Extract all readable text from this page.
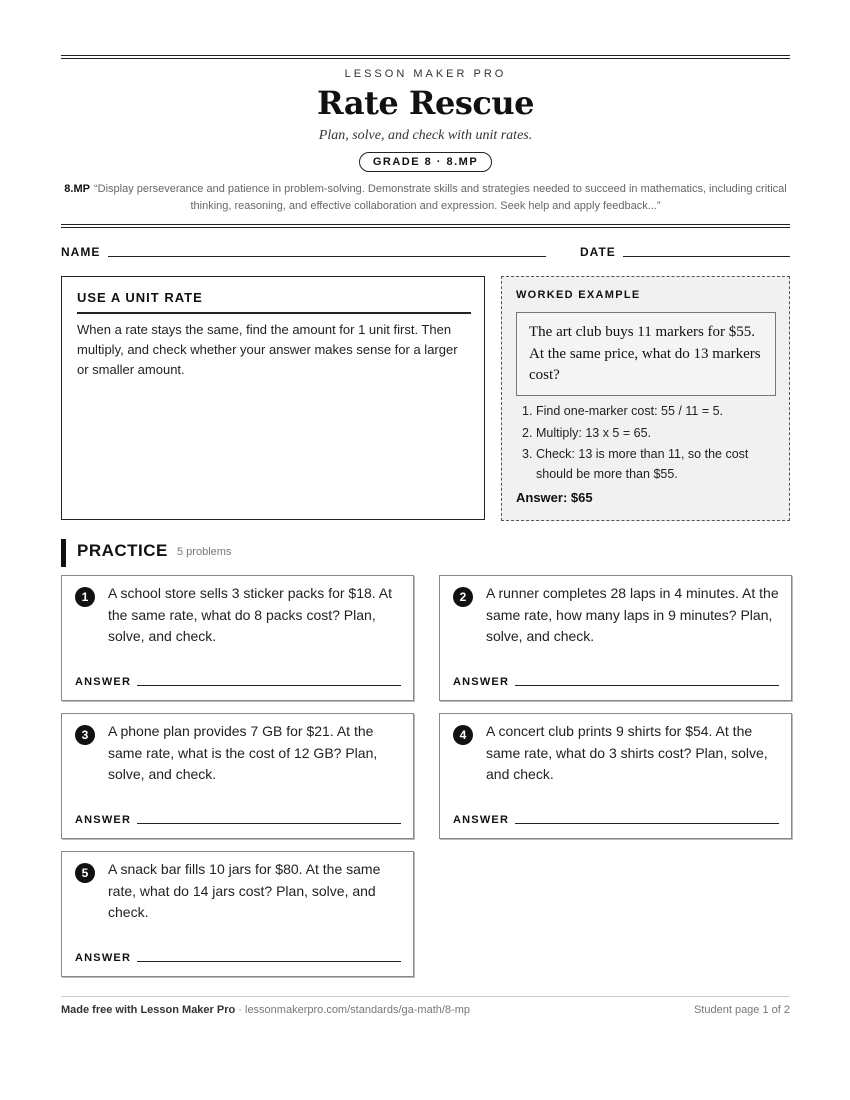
LESSON MAKER PRO
Rate Rescue
Plan, solve, and check with unit rates.
GRADE 8 · 8.MP
8.MP “Display perseverance and patience in problem-solving. Demonstrate skills and strategies needed to succeed in mathematics, including critical thinking, reasoning, and effective collaboration and expression. Seek help and apply feedback...”
NAME	DATE
USE A UNIT RATE

When a rate stays the same, find the amount for 1 unit first. Then multiply, and check whether your answer makes sense for a larger or smaller amount.

WORKED EXAMPLE
The art club buys 11 markers for $55. At the same price, what do 13 markers cost?
1. Find one-marker cost: 55 / 11 = 5.
2. Multiply: 13 x 5 = 65.
3. Check: 13 is more than 11, so the cost should be more than $55.
Answer: $65
PRACTICE 5 problems
1	A school store sells 3 sticker packs for $18. At the same rate, what do 8 packs cost? Plan, solve, and check.
ANSWER
2	A runner completes 28 laps in 4 minutes. At the same rate, how many laps in 9 minutes? Plan, solve, and check.
ANSWER
3	A phone plan provides 7 GB for $21. At the same rate, what is the cost of 12 GB? Plan, solve, and check.
ANSWER
4	A concert club prints 9 shirts for $54. At the same rate, what do 3 shirts cost? Plan, solve, and check.
ANSWER
5	A snack bar fills 10 jars for $80. At the same rate, what do 14 jars cost? Plan, solve, and check.
ANSWER
Made free with Lesson Maker Pro · lessonmakerpro.com/standards/ga-math/8-mp	Student page 1 of 2
